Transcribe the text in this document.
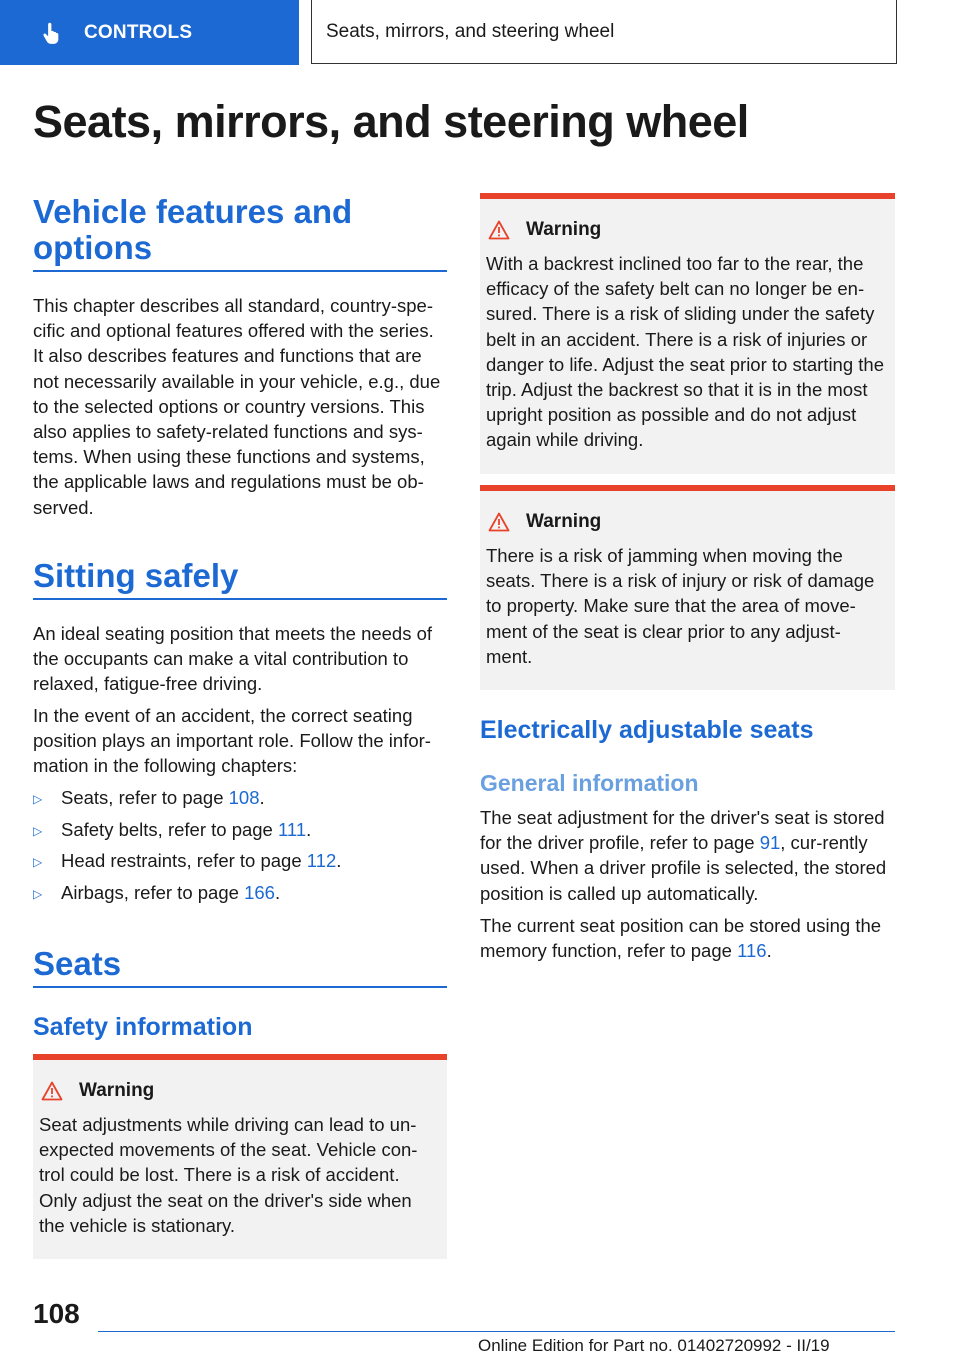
CONTROLS	Seats, mirrors, and steering wheel
Seats, mirrors, and steering wheel
Vehicle features and options

This chapter describes all standard, country-spe-cific and optional features offered with the series. It also describes features and functions that are not necessarily available in your vehicle, e.g., due to the selected options or country versions. This also applies to safety-related functions and sys-tems. When using these functions and systems, the applicable laws and regulations must be ob-served.

Sitting safely

An ideal seating position that meets the needs of the occupants can make a vital contribution to relaxed, fatigue-free driving.

In the event of an accident, the correct seating position plays an important role. Follow the infor-mation in the following chapters:

▷	Seats, refer to page 108.
▷	Safety belts, refer to page 111.
▷	Head restraints, refer to page 112.
▷	Airbags, refer to page 166.
Seats
Safety information
Warning
Seat adjustments while driving can lead to un-expected movements of the seat. Vehicle con-trol could be lost. There is a risk of accident. Only adjust the seat on the driver's side when the vehicle is stationary.
Warning
With a backrest inclined too far to the rear, the efficacy of the safety belt can no longer be en-sured. There is a risk of sliding under the safety belt in an accident. There is a risk of injuries or danger to life. Adjust the seat prior to starting the trip. Adjust the backrest so that it is in the most upright position as possible and do not adjust again while driving.
Warning
There is a risk of jamming when moving the seats. There is a risk of injury or risk of damage to property. Make sure that the area of move-ment of the seat is clear prior to any adjust-ment.
Electrically adjustable seats
General information

The seat adjustment for the driver's seat is stored for the driver profile, refer to page 91, cur-rently used. When a driver profile is selected, the stored position is called up automatically.

The current seat position can be stored using the memory function, refer to page 116.

108

Online Edition for Part no. 01402720992 - II/19
